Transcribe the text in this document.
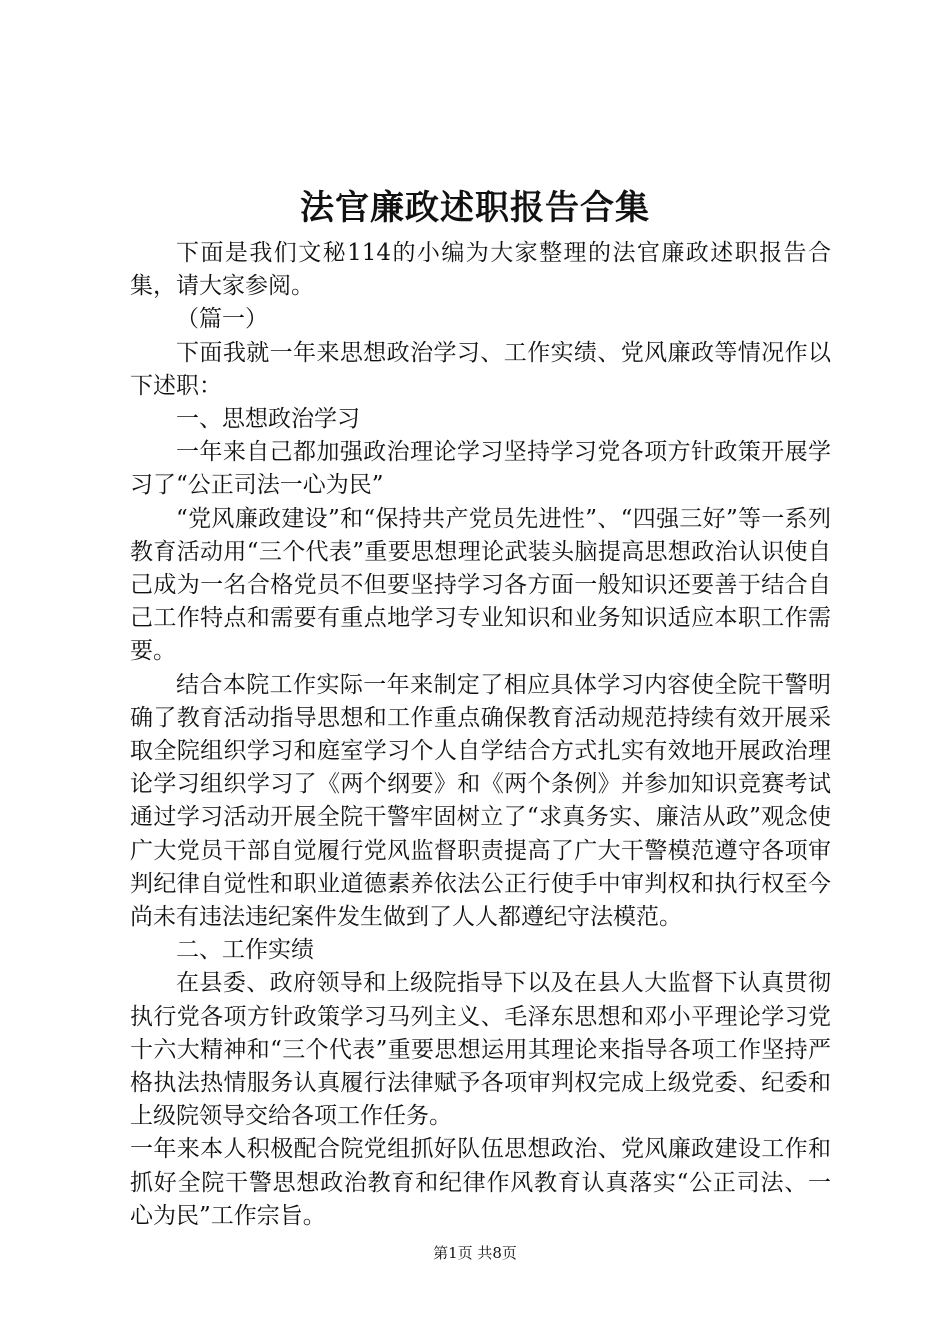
法官廉政述职报告合集

下面是我们文秘114的小编为大家整理的法官廉政述职报告合集，请大家参阅。

（篇一）

下面我就一年来思想政治学习、工作实绩、党风廉政等情况作以下述职：

一、思想政治学习

一年来自己都加强政治理论学习坚持学习党各项方针政策开展学习了“公正司法一心为民”

“党风廉政建设”和“保持共产党员先进性”、“四强三好”等一系列教育活动用“三个代表”重要思想理论武装头脑提高思想政治认识使自己成为一名合格党员不但要坚持学习各方面一般知识还要善于结合自己工作特点和需要有重点地学习专业知识和业务知识适应本职工作需要。

结合本院工作实际一年来制定了相应具体学习内容使全院干警明确了教育活动指导思想和工作重点确保教育活动规范持续有效开展采取全院组织学习和庭室学习个人自学结合方式扎实有效地开展政治理论学习组织学习了《两个纲要》和《两个条例》并参加知识竞赛考试通过学习活动开展全院干警牢固树立了“求真务实、廉洁从政”观念使广大党员干部自觉履行党风监督职责提高了广大干警模范遵守各项审判纪律自觉性和职业道德素养依法公正行使手中审判权和执行权至今尚未有违法违纪案件发生做到了人人都遵纪守法模范。

二、工作实绩

在县委、政府领导和上级院指导下以及在县人大监督下认真贯彻执行党各项方针政策学习马列主义、毛泽东思想和邓小平理论学习党十六大精神和“三个代表”重要思想运用其理论来指导各项工作坚持严格执法热情服务认真履行法律赋予各项审判权完成上级党委、纪委和上级院领导交给各项工作任务。

一年来本人积极配合院党组抓好队伍思想政治、党风廉政建设工作和抓好全院干警思想政治教育和纪律作风教育认真落实“公正司法、一心为民”工作宗旨。

第1页 共8页
